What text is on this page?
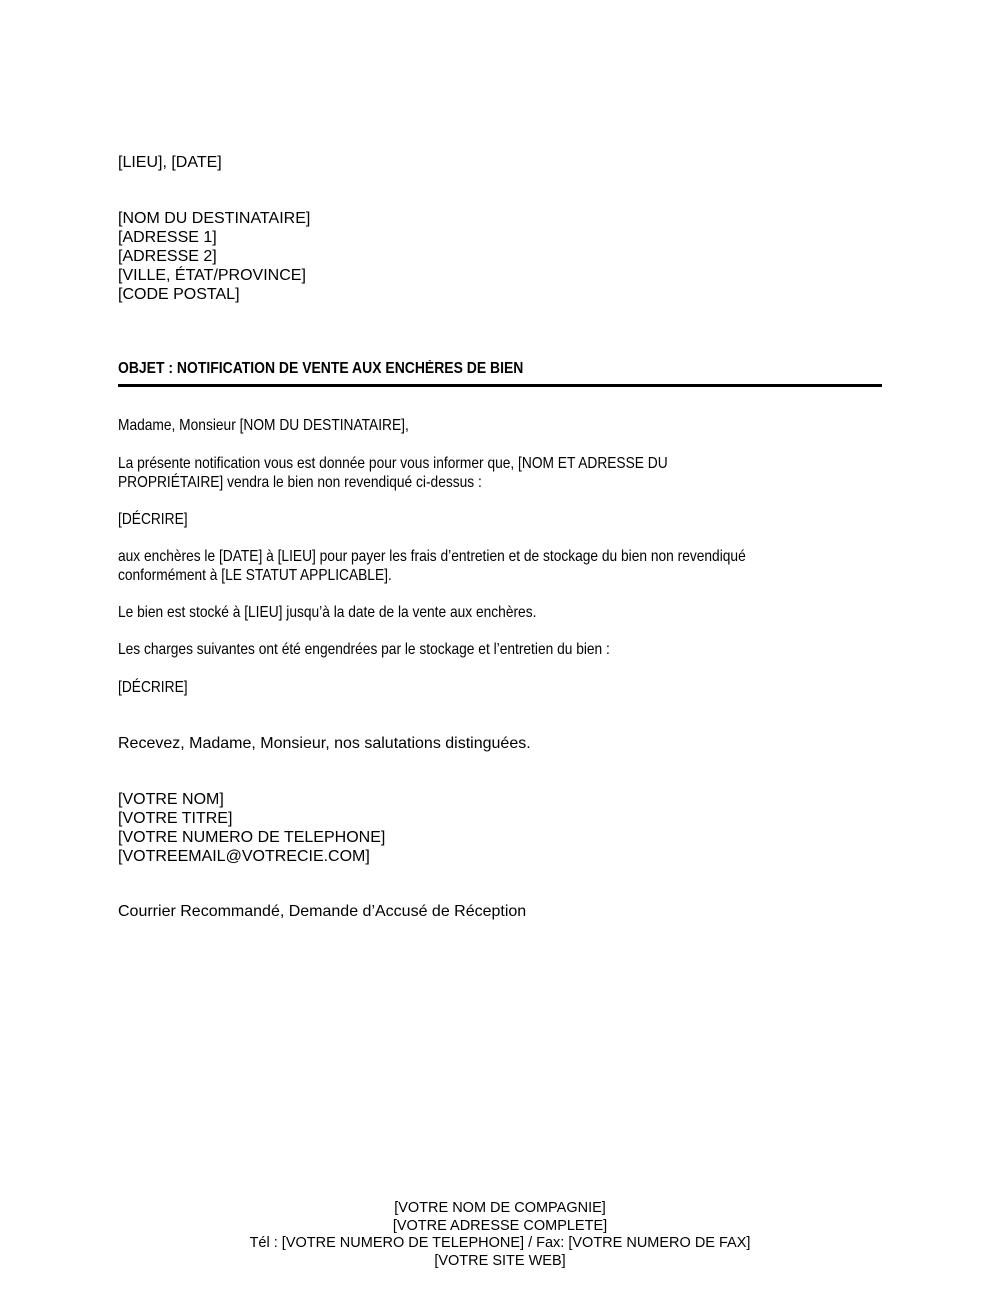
[LIEU], [DATE]
[NOM DU DESTINATAIRE]
[ADRESSE 1]
[ADRESSE 2]
[VILLE, ÉTAT/PROVINCE]
[CODE POSTAL]
OBJET : NOTIFICATION DE VENTE AUX ENCHÈRES DE BIEN
Madame, Monsieur [NOM DU DESTINATAIRE],
La présente notification vous est donnée pour vous informer que, [NOM ET ADRESSE DU
PROPRIÉTAIRE] vendra le bien non revendiqué ci-dessus :
[DÉCRIRE]
aux enchères le [DATE] à [LIEU] pour payer les frais d’entretien et de stockage du bien non revendiqué
conformément à [LE STATUT APPLICABLE].
Le bien est stocké à [LIEU] jusqu’à la date de la vente aux enchères.
Les charges suivantes ont été engendrées par le stockage et l’entretien du bien :
[DÉCRIRE]
Recevez, Madame, Monsieur, nos salutations distinguées.
[VOTRE NOM]
[VOTRE TITRE]
[VOTRE NUMERO DE TELEPHONE]
[VOTREEMAIL@VOTRECIE.COM]
Courrier Recommandé, Demande d’Accusé de Réception
[VOTRE NOM DE COMPAGNIE]
[VOTRE ADRESSE COMPLETE]
Tél : [VOTRE NUMERO DE TELEPHONE] / Fax: [VOTRE NUMERO DE FAX]
[VOTRE SITE WEB]
